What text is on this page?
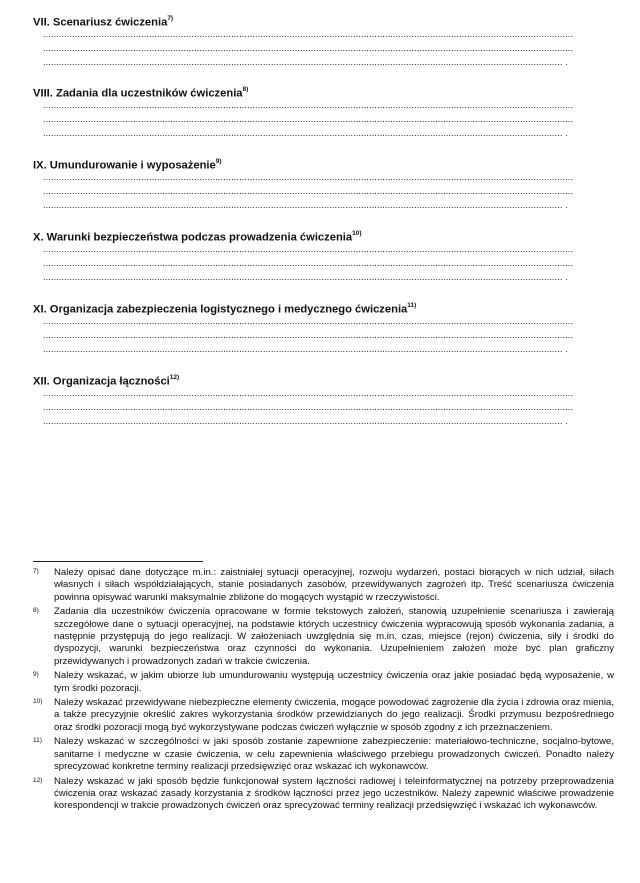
VII. Scenariusz ćwiczenia$^{7)}$
........................................................................................................................................................................................................
........................................................................................................................................................................................................
.................................................................................................................................................................................................... .
VIII. Zadania dla uczestników ćwiczenia$^{8)}$
........................................................................................................................................................................................................
........................................................................................................................................................................................................
.................................................................................................................................................................................................... .
IX. Umundurowanie i wyposażenie$^{9)}$
........................................................................................................................................................................................................
........................................................................................................................................................................................................
.................................................................................................................................................................................................... .
X. Warunki bezpieczeństwa podczas prowadzenia ćwiczenia$^{10)}$
........................................................................................................................................................................................................
........................................................................................................................................................................................................
.................................................................................................................................................................................................... .
XI. Organizacja zabezpieczenia logistycznego i medycznego ćwiczenia$^{11)}$
........................................................................................................................................................................................................
........................................................................................................................................................................................................
.................................................................................................................................................................................................... .
XII. Organizacja łączności$^{12)}$
........................................................................................................................................................................................................
........................................................................................................................................................................................................
.................................................................................................................................................................................................... .
7) Należy opisać dane dotyczące m.in.: zaistniałej sytuacji operacyjnej, rozwoju wydarzeń, postaci biorących w nich udział, siłach własnych i siłach współdziałających, stanie posiadanych zasobów, przewidywanych zagrożeń itp. Treść scenariusza ćwiczenia powinna opisywać warunki maksymalnie zbliżone do mogących wystąpić w rzeczywistości.
8) Zadania dla uczestników ćwiczenia opracowane w formie tekstowych założeń, stanowią uzupełnienie scenariusza i zawierają szczegółowe dane o sytuacji operacyjnej, na podstawie których uczestnicy ćwiczenia wypracowują sposób wykonania zadania, a następnie przystępują do jego realizacji. W założeniach uwzględnia się m.in. czas, miejsce (rejon) ćwiczenia, siły i środki do dyspozycji, warunki bezpieczeństwa oraz czynności do wykonania. Uzupełnieniem założeń może być plan graficzny przewidywanych i prowadzonych zadań w trakcie ćwiczenia.
9) Należy wskazać, w jakim ubiorze lub umundurowaniu występują uczestnicy ćwiczenia oraz jakie posiadać będą wyposażenie, w tym środki pozoracji.
10) Należy wskazać przewidywane niebezpieczne elementy ćwiczenia, mogące powodować zagrożenie dla życia i zdrowia oraz mienia, a także precyzyjnie określić zakres wykorzystania środków przewidzianych do jego realizacji. Środki przymusu bezpośredniego oraz środki pozoracji mogą być wykorzystywane podczas ćwiczeń wyłącznie w sposób zgodny z ich przeznaczeniem.
11) Należy wskazać w szczególności w jaki sposób zostanie zapewnione zabezpieczenie: materiałowo-techniczne, socjalno-bytowe, sanitarne i medyczne w czasie ćwiczenia, w celu zapewnienia właściwego przebiegu prowadzonych ćwiczeń. Ponadto należy sprecyzować konkretne terminy realizacji przedsięwzięć oraz wskazać ich wykonawców.
12) Należy wskazać w jaki sposób będzie funkcjonował system łączności radiowej i teleinformatycznej na potrzeby przeprowadzenia ćwiczenia oraz wskazać zasady korzystania z środków łączności przez jego uczestników. Należy zapewnić właściwe prowadzenie korespondencji w trakcie prowadzonych ćwiczeń oraz sprecyzować terminy realizacji przedsięwzięć i wskazać ich wykonawców.
